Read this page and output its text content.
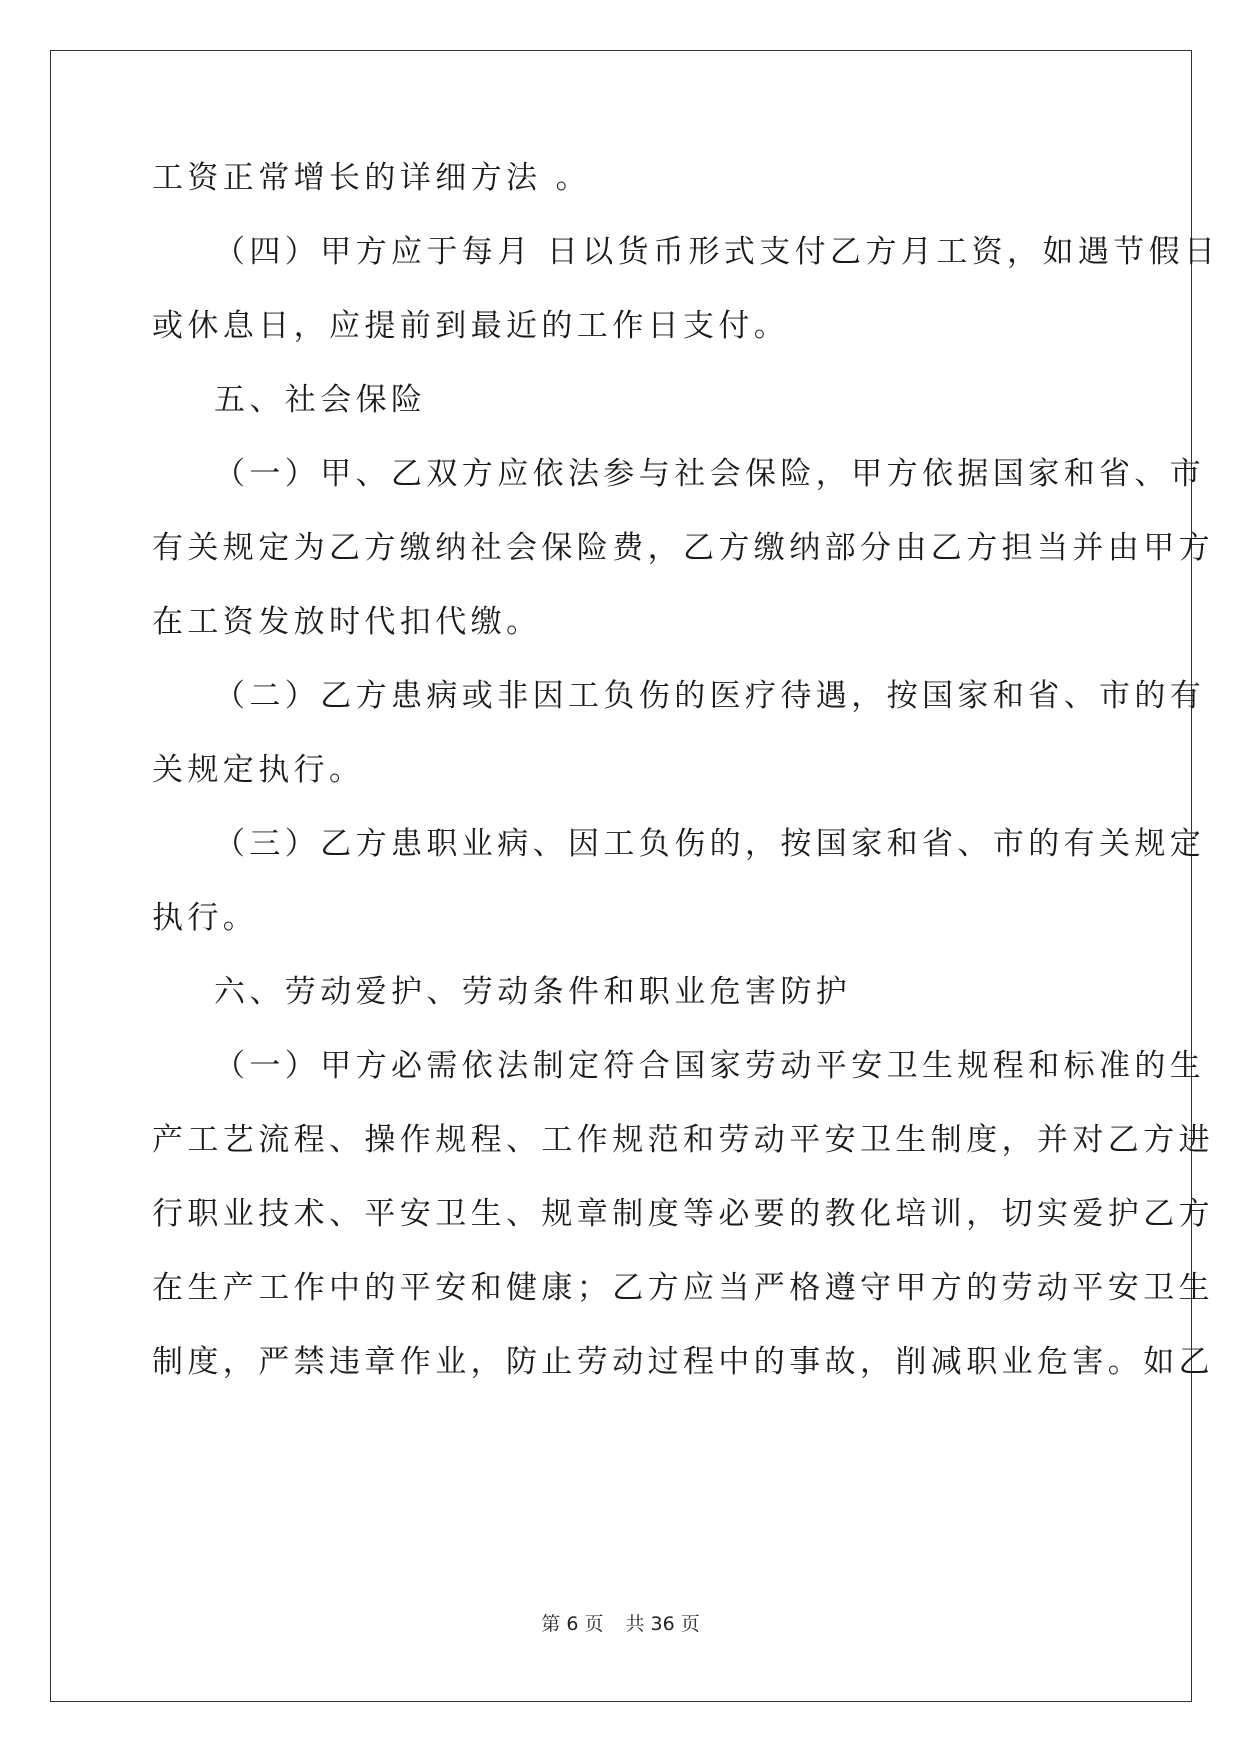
工资正常增长的详细方法 。
（四）甲方应于每月 日以货币形式支付乙方月工资，如遇节假日
或休息日，应提前到最近的工作日支付。
五、社会保险
（一）甲、乙双方应依法参与社会保险，甲方依据国家和省、市
有关规定为乙方缴纳社会保险费，乙方缴纳部分由乙方担当并由甲方
在工资发放时代扣代缴。
（二）乙方患病或非因工负伤的医疗待遇，按国家和省、市的有
关规定执行。
（三）乙方患职业病、因工负伤的，按国家和省、市的有关规定
执行。
六、劳动爱护、劳动条件和职业危害防护
（一）甲方必需依法制定符合国家劳动平安卫生规程和标准的生
产工艺流程、操作规程、工作规范和劳动平安卫生制度，并对乙方进
行职业技术、平安卫生、规章制度等必要的教化培训，切实爱护乙方
在生产工作中的平安和健康；乙方应当严格遵守甲方的劳动平安卫生
制度，严禁违章作业，防止劳动过程中的事故，削减职业危害。如乙
第 6 页 共 36 页
